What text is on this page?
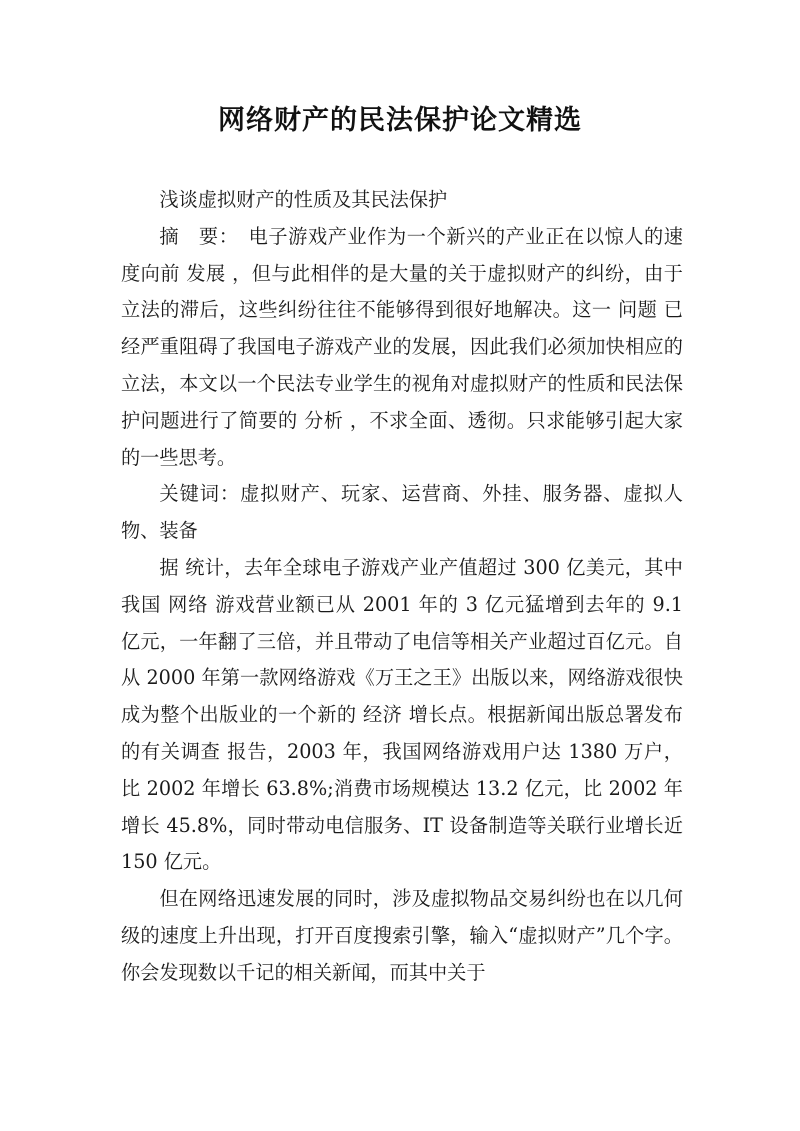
网络财产的民法保护论文精选

浅谈虚拟财产的性质及其民法保护

摘　要：　电子游戏产业作为一个新兴的产业正在以惊人的速度向前 发展 ，但与此相伴的是大量的关于虚拟财产的纠纷，由于立法的滞后，这些纠纷往往不能够得到很好地解决。这一 问题 已经严重阻碍了我国电子游戏产业的发展，因此我们必须加快相应的立法，本文以一个民法专业学生的视角对虚拟财产的性质和民法保护问题进行了简要的 分析 ，不求全面、透彻。只求能够引起大家的一些思考。

关键词：虚拟财产、玩家、运营商、外挂、服务器、虚拟人物、装备

据 统计，去年全球电子游戏产业产值超过 300 亿美元，其中我国 网络 游戏营业额已从 2001 年的 3 亿元猛增到去年的 9.1 亿元，一年翻了三倍，并且带动了电信等相关产业超过百亿元。自从 2000 年第一款网络游戏《万王之王》出版以来，网络游戏很快成为整个出版业的一个新的 经济 增长点。根据新闻出版总署发布的有关调查 报告，2003 年，我国网络游戏用户达 1380 万户，比 2002 年增长 63.8%;消费市场规模达 13.2 亿元，比 2002 年增长 45.8%，同时带动电信服务、IT 设备制造等关联行业增长近 150 亿元。

但在网络迅速发展的同时，涉及虚拟物品交易纠纷也在以几何级的速度上升出现，打开百度搜索引擎，输入“虚拟财产”几个字。你会发现数以千记的相关新闻，而其中关于
